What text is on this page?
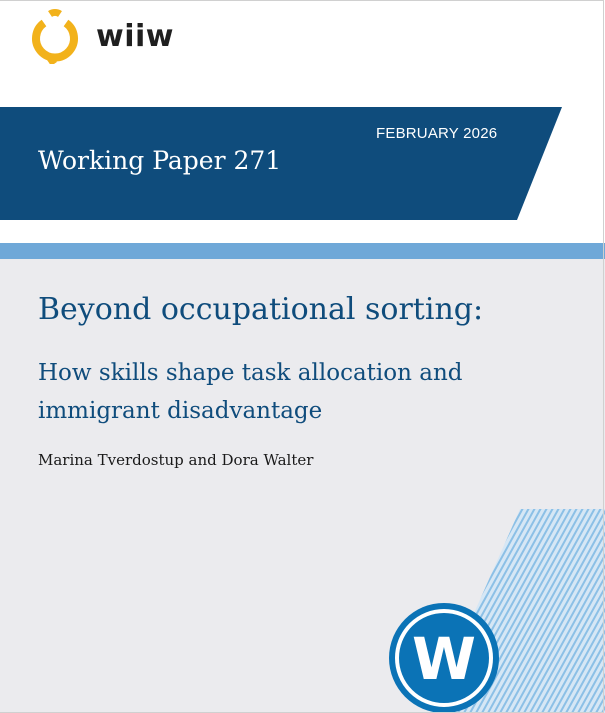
wiiw
Working Paper 271
FEBRUARY 2026
Beyond occupational sorting:
How skills shape task allocation and immigrant disadvantage
Marina Tverdostup and Dora Walter
W
